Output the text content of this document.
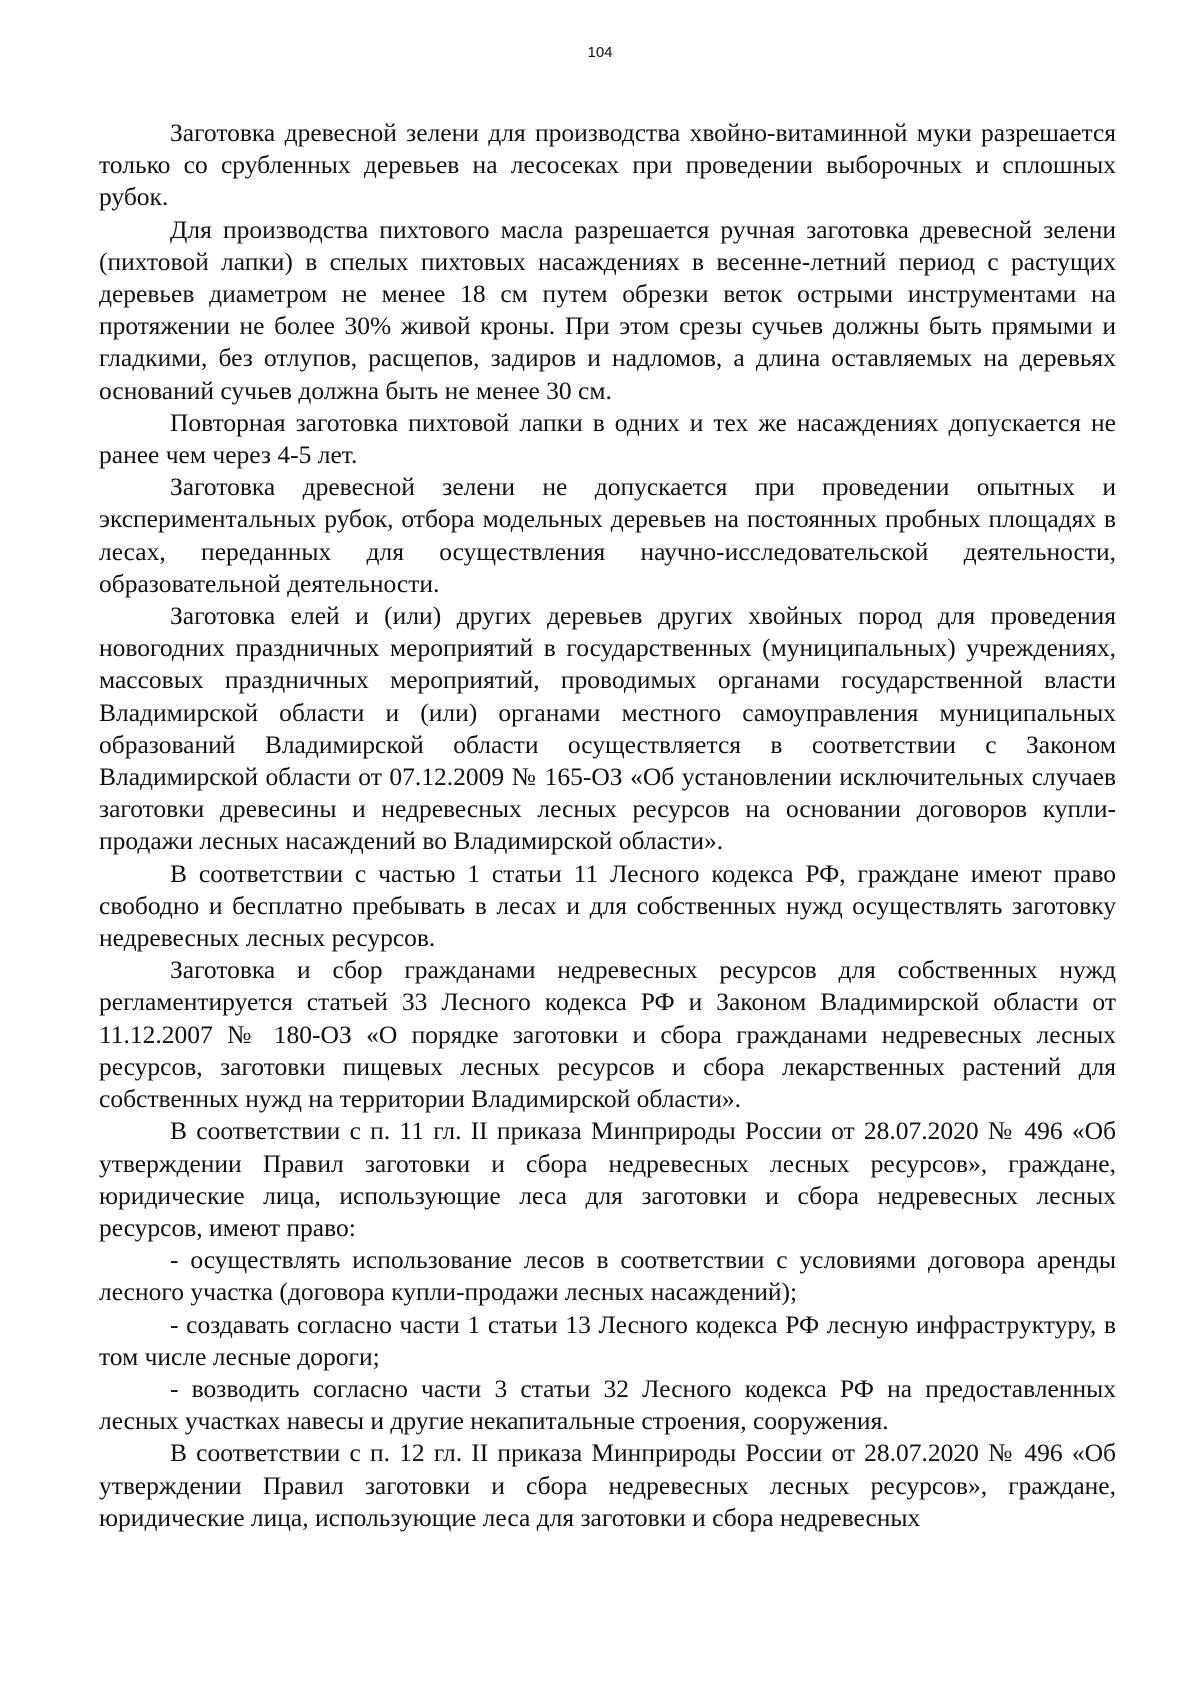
104

Заготовка древесной зелени для производства хвойно-витаминной муки разрешается только со срубленных деревьев на лесосеках при проведении выборочных и сплошных рубок.

Для производства пихтового масла разрешается ручная заготовка древесной зелени (пихтовой лапки) в спелых пихтовых насаждениях в весенне-летний период с растущих деревьев диаметром не менее 18 см путем обрезки веток острыми инструментами на протяжении не более 30% живой кроны. При этом срезы сучьев должны быть прямыми и гладкими, без отлупов, расщепов, задиров и надломов, а длина оставляемых на деревьях оснований сучьев должна быть не менее 30 см.

Повторная заготовка пихтовой лапки в одних и тех же насаждениях допускается не ранее чем через 4-5 лет.

Заготовка древесной зелени не допускается при проведении опытных и экспериментальных рубок, отбора модельных деревьев на постоянных пробных площадях в лесах, переданных для осуществления научно-исследовательской деятельности, образовательной деятельности.

Заготовка елей и (или) других деревьев других хвойных пород для проведения новогодних праздничных мероприятий в государственных (муниципальных) учреждениях, массовых праздничных мероприятий, проводимых органами государственной власти Владимирской области и (или) органами местного самоуправления муниципальных образований Владимирской области осуществляется в соответствии с Законом Владимирской области от 07.12.2009 № 165-ОЗ «Об установлении исключительных случаев заготовки древесины и недревесных лесных ресурсов на основании договоров купли-продажи лесных насаждений во Владимирской области».

В соответствии с частью 1 статьи 11 Лесного кодекса РФ, граждане имеют право свободно и бесплатно пребывать в лесах и для собственных нужд осуществлять заготовку недревесных лесных ресурсов.

Заготовка и сбор гражданами недревесных ресурсов для собственных нужд регламентируется статьей 33 Лесного кодекса РФ и Законом Владимирской области от 11.12.2007 № 180-ОЗ «О порядке заготовки и сбора гражданами недревесных лесных ресурсов, заготовки пищевых лесных ресурсов и сбора лекарственных растений для собственных нужд на территории Владимирской области».

В соответствии с п. 11 гл. II приказа Минприроды России от 28.07.2020 № 496 «Об утверждении Правил заготовки и сбора недревесных лесных ресурсов», граждане, юридические лица, использующие леса для заготовки и сбора недревесных лесных ресурсов, имеют право:

- осуществлять использование лесов в соответствии с условиями договора аренды лесного участка (договора купли-продажи лесных насаждений);

- создавать согласно части 1 статьи 13 Лесного кодекса РФ лесную инфраструктуру, в том числе лесные дороги;

- возводить согласно части 3 статьи 32 Лесного кодекса РФ на предоставленных лесных участках навесы и другие некапитальные строения, сооружения.

В соответствии с п. 12 гл. II приказа Минприроды России от 28.07.2020 № 496 «Об утверждении Правил заготовки и сбора недревесных лесных ресурсов», граждане, юридические лица, использующие леса для заготовки и сбора недревесных
